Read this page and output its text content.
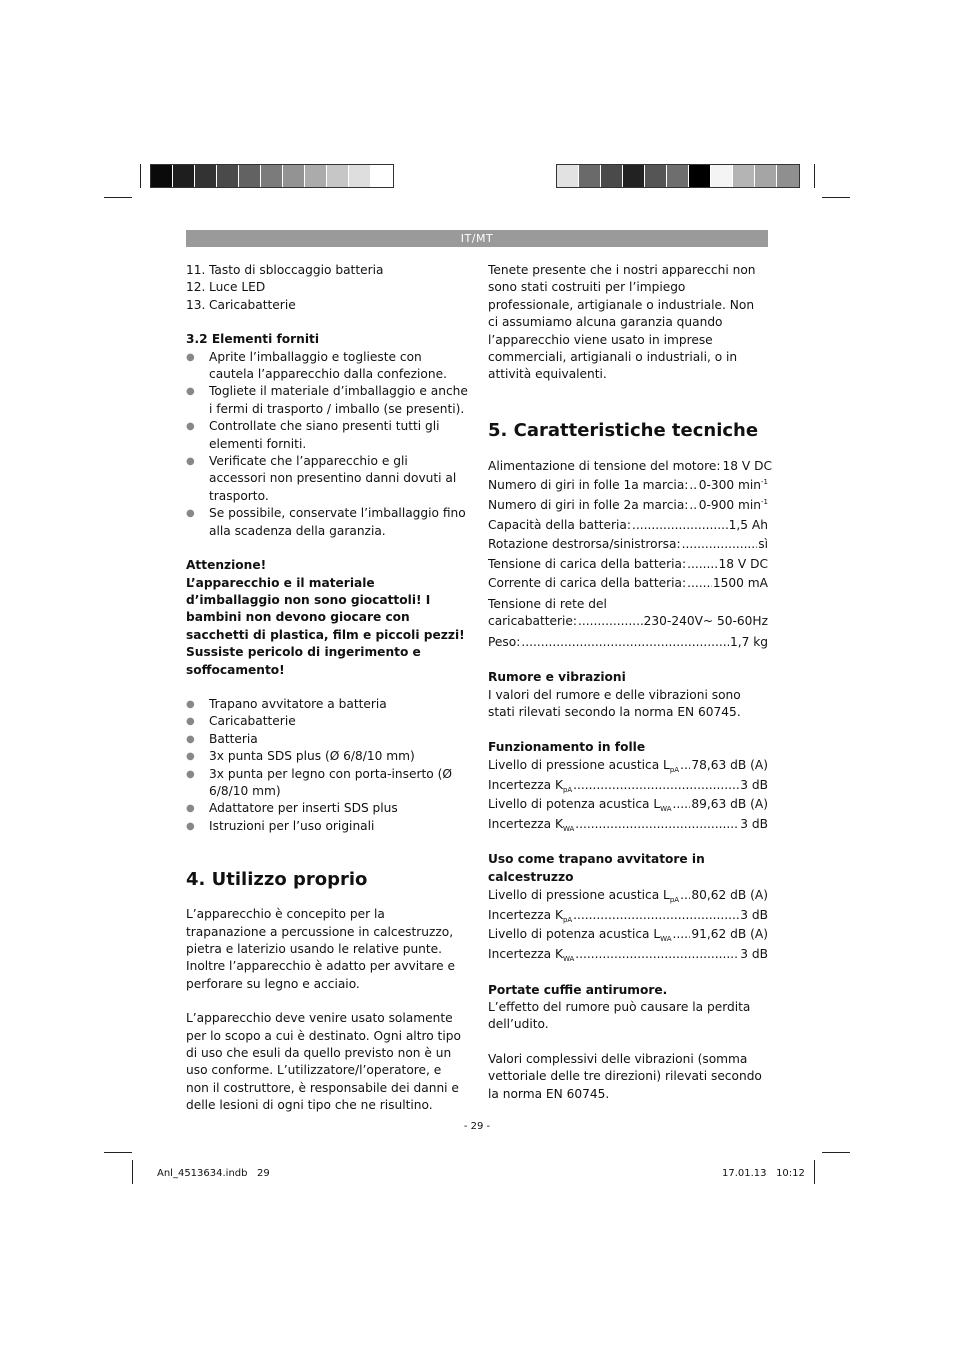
IT/MT
11. Tasto di sbloccaggio batteria
12. Luce LED
13. Caricabatterie

3.2 Elementi forniti

●	Aprite l’imballaggio e toglieste con cautela l’apparecchio dalla confezione.
●	Togliete il materiale d’imballaggio e anche i fermi di trasporto / imballo (se presenti).
●	Controllate che siano presenti tutti gli elementi forniti.
●	Verificate che l’apparecchio e gli accessori non presentino danni dovuti al trasporto.
●	Se possibile, conservate l’imballaggio fino alla scadenza della garanzia.

Attenzione!

L’apparecchio e il materiale d’imballaggio non sono giocattoli! I bambini non devono giocare con sacchetti di plastica, film e piccoli pezzi! Sussiste pericolo di ingerimento e soffocamento!

●	Trapano avvitatore a batteria
●	Caricabatterie
●	Batteria
●	3x punta SDS plus (Ø 6/8/10 mm)
●	3x punta per legno con porta-inserto (Ø 6/8/10 mm)
●	Adattatore per inserti SDS plus
●	Istruzioni per l’uso originali
4. Utilizzo proprio

L’apparecchio è concepito per la trapanazione a percussione in calcestruzzo, pietra e laterizio usando le relative punte. Inoltre l’apparecchio è adatto per avvitare e perforare su legno e acciaio.

L’apparecchio deve venire usato solamente per lo scopo a cui è destinato. Ogni altro tipo di uso che esuli da quello previsto non è un uso conforme. L’utilizzatore/l’operatore, e non il costruttore, è responsabile dei danni e delle lesioni di ogni tipo che ne risultino.

Tenete presente che i nostri apparecchi non sono stati costruiti per l’impiego professionale, artigianale o industriale. Non ci assumiamo alcuna garanzia quando l’apparecchio viene usato in imprese commerciali, artigianali o industriali, o in attività equivalenti.

5. Caratteristiche tecniche
Alimentazione di tensione del motore: 18 V DC
Numero di giri in folle 1a marcia: ..... 0-300 $\min^{-1}$
Numero di giri in folle 2a marcia: ..... 0-900 $\min^{-1}$
Capacità della batteria: .....	1,5 Ah
Rotazione destrorsa/sinistrorsa: .....	sì
Tensione di carica della batteria: .....	18 V DC
Corrente di carica della batteria: ..... 1500 mA

Tensione di rete del

caricabatterie: .....	230-240V~ 50-60Hz
Peso: .....	1,7 kg

Rumore e vibrazioni

I valori del rumore e delle vibrazioni sono stati rilevati secondo la norma EN 60745.

Funzionamento in folle

Livello di pressione acustica $L_{pA}$ ..... 78,63 dB (A)
Incertezza $K_{pA}$ .....	3 dB
Livello di potenza acustica $L_{WA}$ ..... 89,63 dB (A)
Incertezza $K_{WA}$ .....	3 dB

Uso come trapano avvitatore in calcestruzzo

Livello di pressione acustica $L_{pA}$ ..... 80,62 dB (A)
Incertezza $K_{pA}$ .....	3 dB
Livello di potenza acustica $L_{WA}$ ..... 91,62 dB (A)
Incertezza $K_{WA}$ .....	3 dB

Portate cuffie antirumore.

L’effetto del rumore può causare la perdita dell’udito.

Valori complessivi delle vibrazioni (somma vettoriale delle tre direzioni) rilevati secondo la norma EN 60745.

- 29 -
Anl_4513634.indb   29	17.01.13   10:12
